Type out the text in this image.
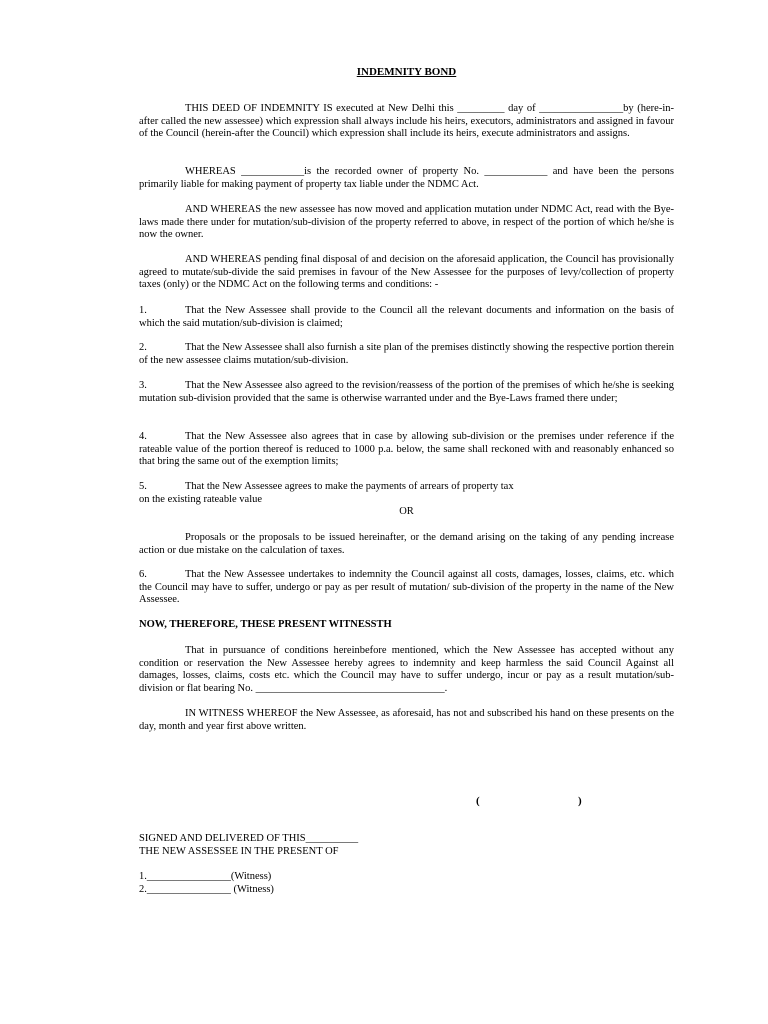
INDEMNITY BOND

THIS DEED OF INDEMNITY IS executed at New Delhi this _________ day of ________________by (here-in-after called the new assessee) which expression shall always include his heirs, executors, administrators and assigned in favour of the Council (herein-after the Council) which expression shall include its heirs, execute administrators and assigns.

WHEREAS ____________is the recorded owner of property No. ____________ and have been the persons primarily liable for making payment of property tax liable under the NDMC Act.

AND WHEREAS the new assessee has now moved and application mutation under NDMC Act, read with the Bye-laws made there under for mutation/sub-division of the property referred to above, in respect of the portion of which he/she is now the owner.

AND WHEREAS pending final disposal of and decision on the aforesaid application, the Council has provisionally agreed to mutate/sub-divide the said premises in favour of the New Assessee for the purposes of levy/collection of property taxes (only) or the NDMC Act on the following terms and conditions: -

1.	That the New Assessee shall provide to the Council all the relevant documents and information on the basis of which the said mutation/sub-division is claimed;

2.	That the New Assessee shall also furnish a site plan of the premises distinctly showing the respective portion therein of the new assessee claims mutation/sub-division.

3.	That the New Assessee also agreed to the revision/reassess of the portion of the premises of which he/she is seeking mutation sub-division provided that the same is otherwise warranted under and the Bye-Laws framed there under;

4.	That the New Assessee also agrees that in case by allowing sub-division or the premises under reference if the rateable value of the portion thereof is reduced to 1000 p.a. below, the same shall reckoned with and reasonably enhanced so that bring the same out of the exemption limits;

5.	That the New Assessee agrees to make the payments of arrears of property tax

on the existing rateable value

OR

Proposals or the proposals to be issued hereinafter, or the demand arising on the taking of any pending increase action or due mistake on the calculation of taxes.

6.	That the New Assessee undertakes to indemnity the Council against all costs, damages, losses, claims, etc. which the Council may have to suffer, undergo or pay as per result of mutation/ sub-division of the property in the name of the New Assessee.

NOW, THEREFORE, THESE PRESENT WITNESSTH

That in pursuance of conditions hereinbefore mentioned, which the New Assessee has accepted without any condition or reservation the New Assessee hereby agrees to indemnity and keep harmless the said Council Against all damages, losses, claims, costs etc. which the Council may have to suffer undergo, incur or pay as a result mutation/sub-division or flat bearing No. ____________________________________.

IN WITNESS WHEREOF the New Assessee, as aforesaid, has not and subscribed his hand on these presents on the day, month and year first above written.

(	)

SIGNED AND DELIVERED OF THIS__________

THE NEW ASSESSEE IN THE PRESENT OF

1.________________(Witness)

2.________________ (Witness)
